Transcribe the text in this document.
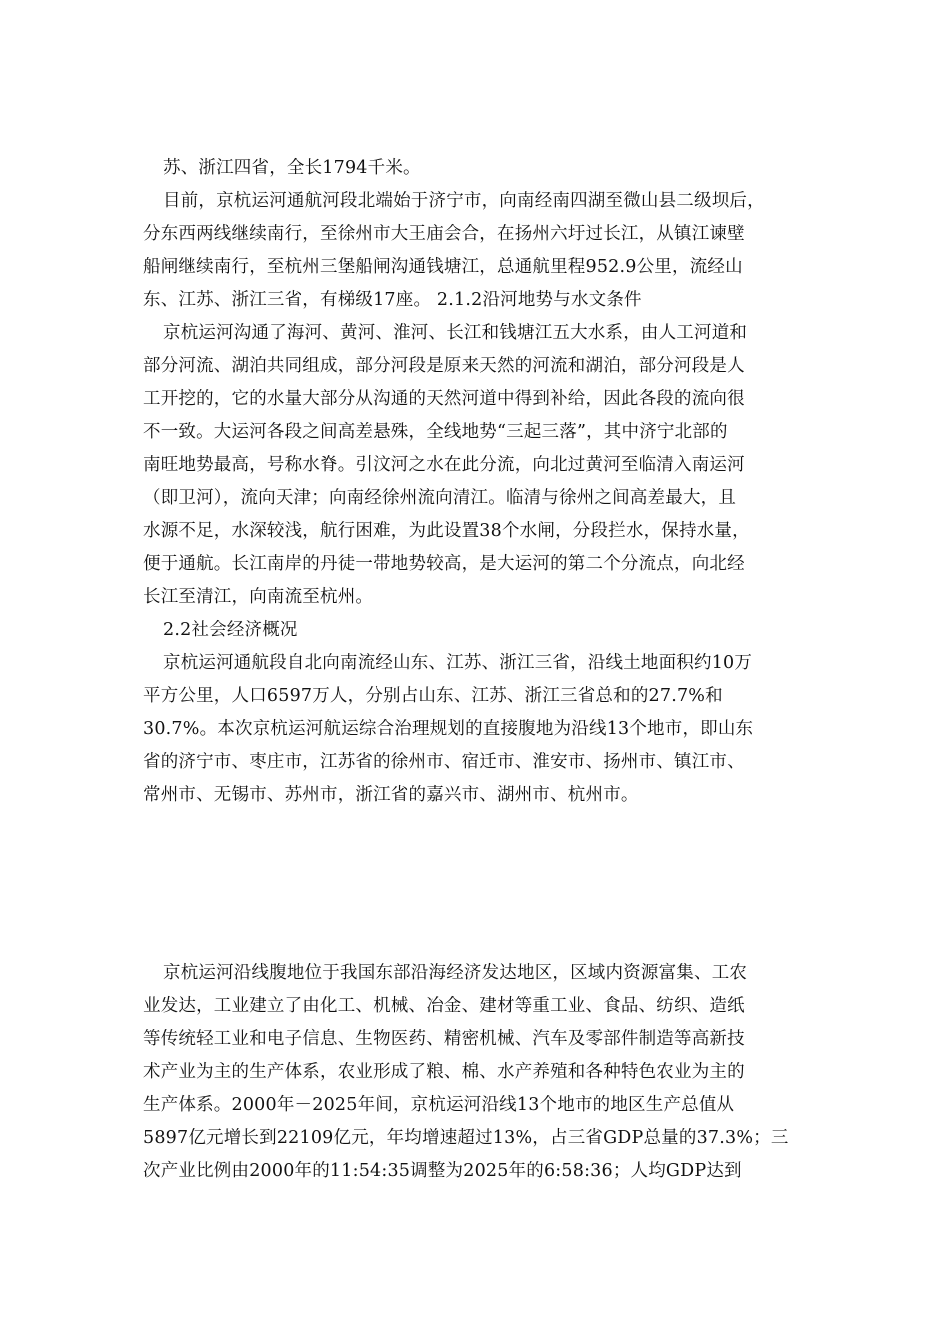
苏、浙江四省，全长1794千米。
目前，京杭运河通航河段北端始于济宁市，向南经南四湖至微山县二级坝后，
分东西两线继续南行，至徐州市大王庙会合，在扬州六圩过长江，从镇江谏壁
船闸继续南行，至杭州三堡船闸沟通钱塘江，总通航里程952.9公里，流经山
东、江苏、浙江三省，有梯级17座。 2.1.2沿河地势与水文条件
京杭运河沟通了海河、黄河、淮河、长江和钱塘江五大水系，由人工河道和
部分河流、湖泊共同组成，部分河段是原来天然的河流和湖泊，部分河段是人
工开挖的，它的水量大部分从沟通的天然河道中得到补给，因此各段的流向很
不一致。大运河各段之间高差悬殊，全线地势“三起三落”，其中济宁北部的
南旺地势最高，号称水脊。引汶河之水在此分流，向北过黄河至临清入南运河
（即卫河），流向天津；向南经徐州流向清江。临清与徐州之间高差最大，且
水源不足，水深较浅，航行困难，为此设置38个水闸，分段拦水，保持水量，
便于通航。长江南岸的丹徒一带地势较高，是大运河的第二个分流点，向北经
长江至清江，向南流至杭州。
2.2社会经济概况
京杭运河通航段自北向南流经山东、江苏、浙江三省，沿线土地面积约10万
平方公里，人口6597万人，分别占山东、江苏、浙江三省总和的27.7%和
30.7%。本次京杭运河航运综合治理规划的直接腹地为沿线13个地市，即山东
省的济宁市、枣庄市，江苏省的徐州市、宿迁市、淮安市、扬州市、镇江市、
常州市、无锡市、苏州市，浙江省的嘉兴市、湖州市、杭州市。
京杭运河沿线腹地位于我国东部沿海经济发达地区，区域内资源富集、工农
业发达，工业建立了由化工、机械、冶金、建材等重工业、食品、纺织、造纸
等传统轻工业和电子信息、生物医药、精密机械、汽车及零部件制造等高新技
术产业为主的生产体系，农业形成了粮、棉、水产养殖和各种特色农业为主的
生产体系。2000年－2025年间，京杭运河沿线13个地市的地区生产总值从
5897亿元增长到22109亿元，年均增速超过13%，占三省GDP总量的37.3%；三
次产业比例由2000年的11:54:35调整为2025年的6:58:36；人均GDP达到
